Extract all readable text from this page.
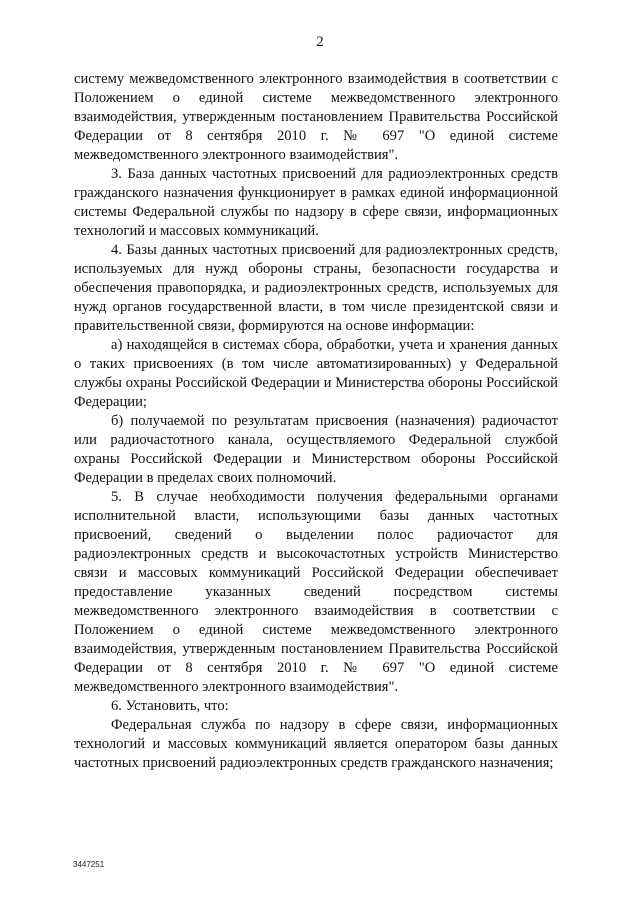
2

систему межведомственного электронного взаимодействия в соответствии с Положением о единой системе межведомственного электронного взаимодействия, утвержденным постановлением Правительства Российской Федерации от 8 сентября 2010 г. № 697 "О единой системе межведомственного электронного взаимодействия".

3. База данных частотных присвоений для радиоэлектронных средств гражданского назначения функционирует в рамках единой информационной системы Федеральной службы по надзору в сфере связи, информационных технологий и массовых коммуникаций.

4. Базы данных частотных присвоений для радиоэлектронных средств, используемых для нужд обороны страны, безопасности государства и обеспечения правопорядка, и радиоэлектронных средств, используемых для нужд органов государственной власти, в том числе президентской связи и правительственной связи, формируются на основе информации:

а) находящейся в системах сбора, обработки, учета и хранения данных о таких присвоениях (в том числе автоматизированных) у Федеральной службы охраны Российской Федерации и Министерства обороны Российской Федерации;

б) получаемой по результатам присвоения (назначения) радиочастот или радиочастотного канала, осуществляемого Федеральной службой охраны Российской Федерации и Министерством обороны Российской Федерации в пределах своих полномочий.

5. В случае необходимости получения федеральными органами исполнительной власти, использующими базы данных частотных присвоений, сведений о выделении полос радиочастот для радиоэлектронных средств и высокочастотных устройств Министерство связи и массовых коммуникаций Российской Федерации обеспечивает предоставление указанных сведений посредством системы межведомственного электронного взаимодействия в соответствии с Положением о единой системе межведомственного электронного взаимодействия, утвержденным постановлением Правительства Российской Федерации от 8 сентября 2010 г. № 697 "О единой системе межведомственного электронного взаимодействия".

6. Установить, что:

Федеральная служба по надзору в сфере связи, информационных технологий и массовых коммуникаций является оператором базы данных частотных присвоений радиоэлектронных средств гражданского назначения;

3447251
